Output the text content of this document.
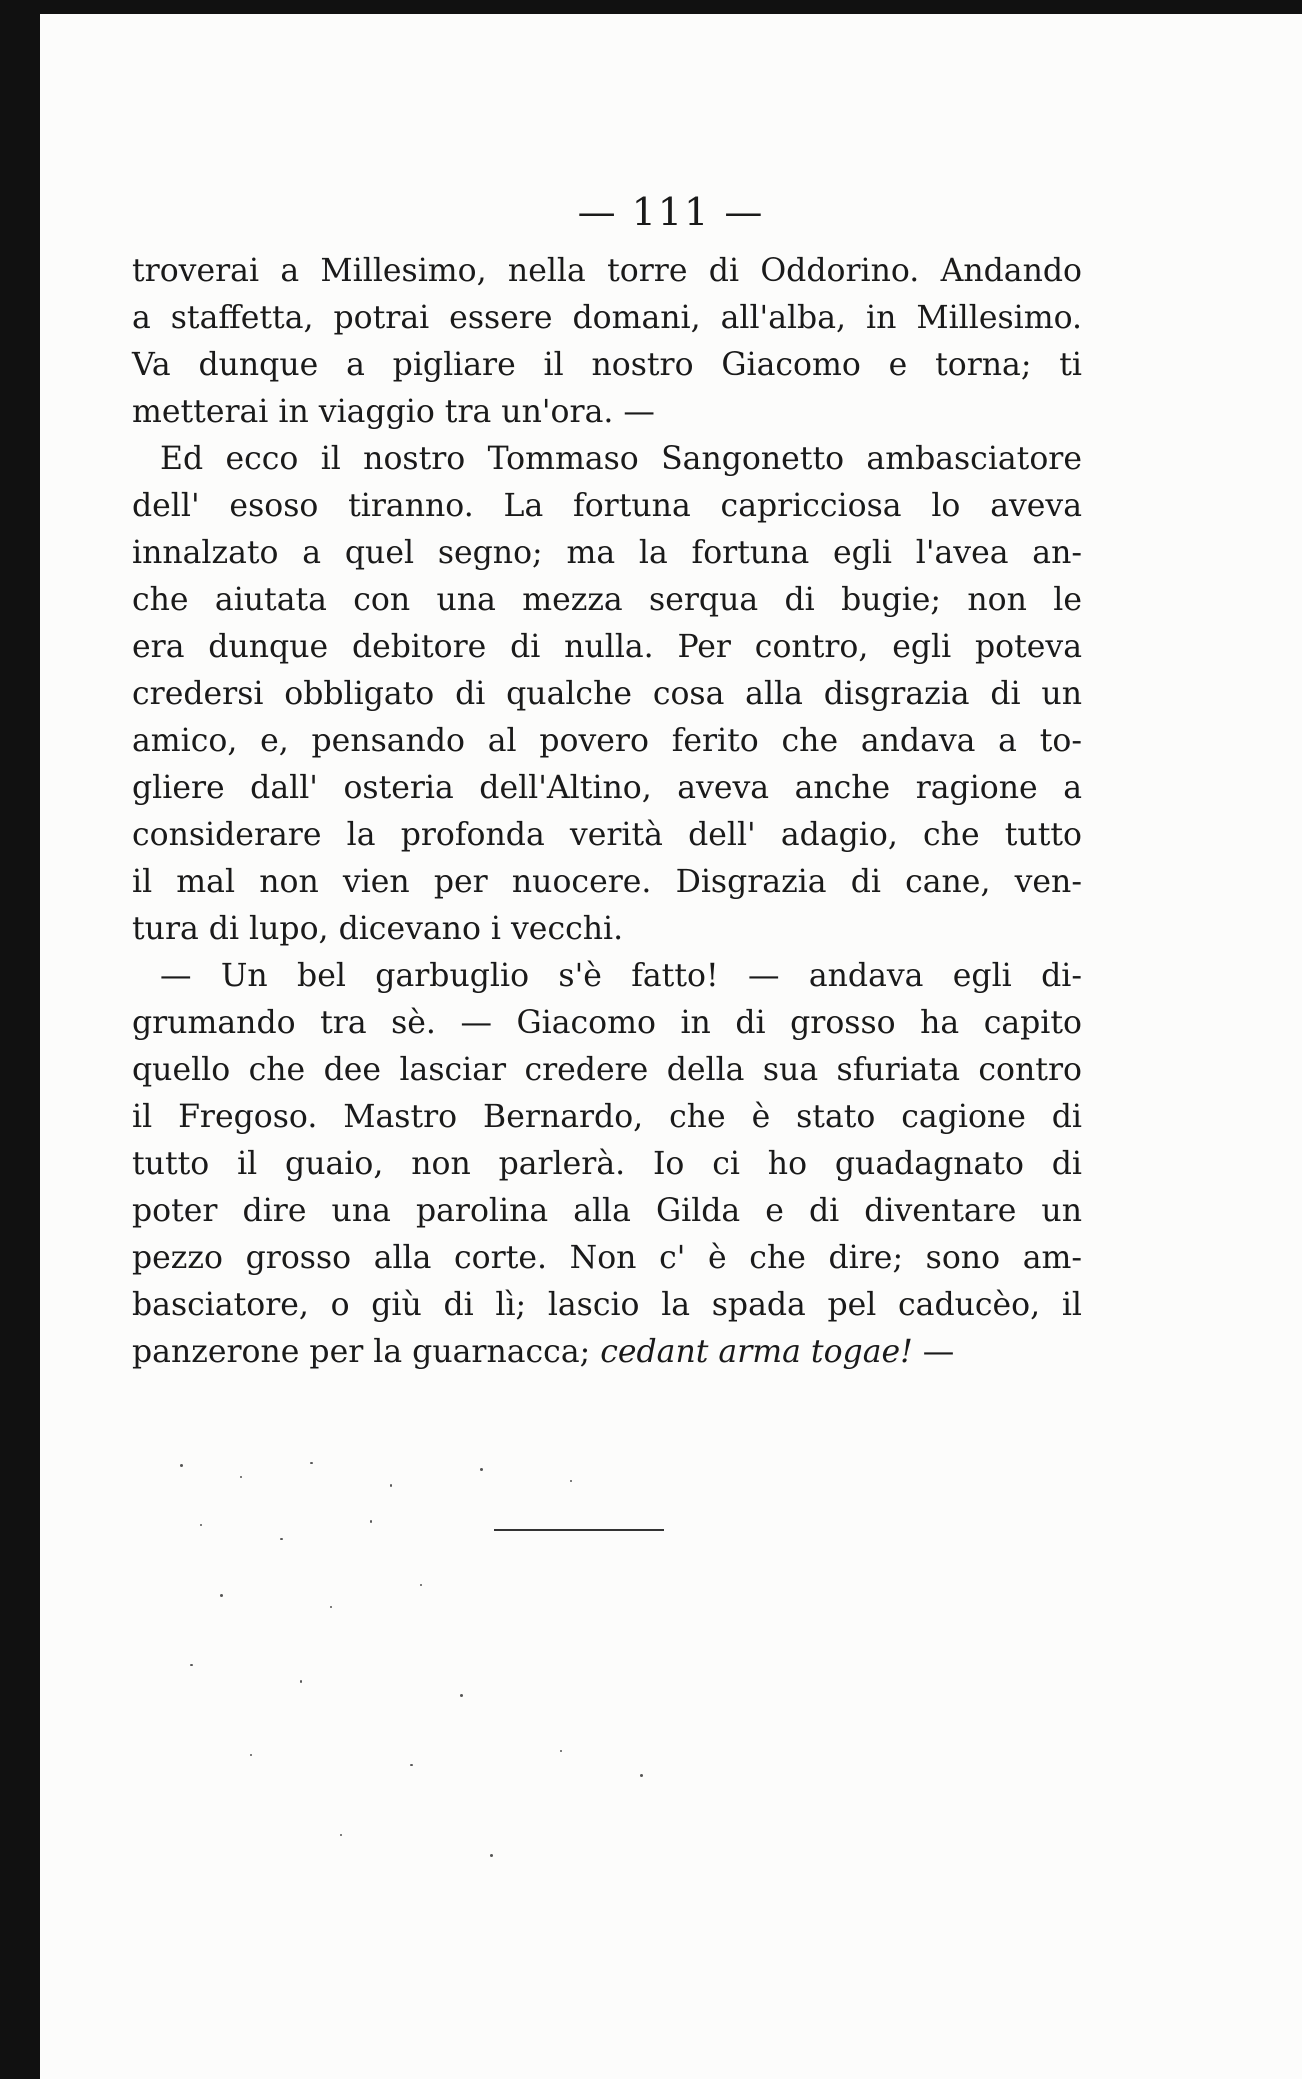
— 111 —
troverai a Millesimo, nella torre di Oddorino. Andando
a staffetta, potrai essere domani, all'alba, in Millesimo.
Va dunque a pigliare il nostro Giacomo e torna; ti
metterai in viaggio tra un'ora. —
Ed ecco il nostro Tommaso Sangonetto ambasciatore
dell' esoso tiranno. La fortuna capricciosa lo aveva
innalzato a quel segno; ma la fortuna egli l'avea an-
che aiutata con una mezza serqua di bugie; non le
era dunque debitore di nulla. Per contro, egli poteva
credersi obbligato di qualche cosa alla disgrazia di un
amico, e, pensando al povero ferito che andava a to-
gliere dall' osteria dell'Altino, aveva anche ragione a
considerare la profonda verità dell' adagio, che tutto
il mal non vien per nuocere. Disgrazia di cane, ven-
tura di lupo, dicevano i vecchi.
— Un bel garbuglio s'è fatto! — andava egli di-
grumando tra sè. — Giacomo in di grosso ha capito
quello che dee lasciar credere della sua sfuriata contro
il Fregoso. Mastro Bernardo, che è stato cagione di
tutto il guaio, non parlerà. Io ci ho guadagnato di
poter dire una parolina alla Gilda e di diventare un
pezzo grosso alla corte. Non c' è che dire; sono am-
basciatore, o giù di lì; lascio la spada pel caducèo, il
panzerone per la guarnacca; cedant arma togae! —
